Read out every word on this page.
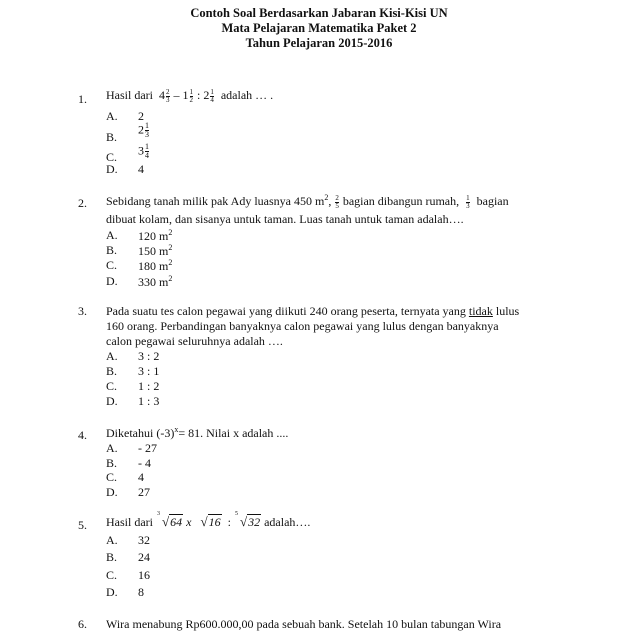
Contoh Soal Berdasarkan Jabaran Kisi-Kisi UN
Mata Pelajaran Matematika Paket 2
Tahun Pelajaran 2015-2016
1. Hasil dari $4 \frac{2}{3} - 1 \frac{1}{2}$ : $2 \frac{1}{4}$ adalah … .
A. 2
B.
$2 \frac{1}{3}$
C. $3 \frac{1}{4}$
D. 4
2. Sebidang tanah milik pak Ady luasnya 450 $m^2$, $\frac{2}{5}$ bagian dibangun rumah, $\frac{1}{3}$ bagian
dibuat kolam, dan sisanya untuk taman. Luas tanah untuk taman adalah….
A. 120 $m^2$
B. 150 $m^2$
C. 180 $m^2$
D. 330 $m^2$
3. Pada suatu tes calon pegawai yang diikuti 240 orang peserta, ternyata yang tidak lulus
160 orang. Perbandingan banyaknya calon pegawai yang lulus dengan banyaknya
calon pegawai seluruhnya adalah ….
A. 3 : 2
B. 3 : 1
C. 1 : 2
D. 1 : 3
4. Diketahui $(-3)^x= 81$. Nilai x adalah ....
A. - 27
B. - 4
C. 4
D. 27
5. Hasil dari
3 √64 x √16 :
5 √32 adalah….
A. 32
B. 24
C. 16
D. 8
6. Wira menabung Rp600.000,00 pada sebuah bank. Setelah 10 bulan tabungan Wira
